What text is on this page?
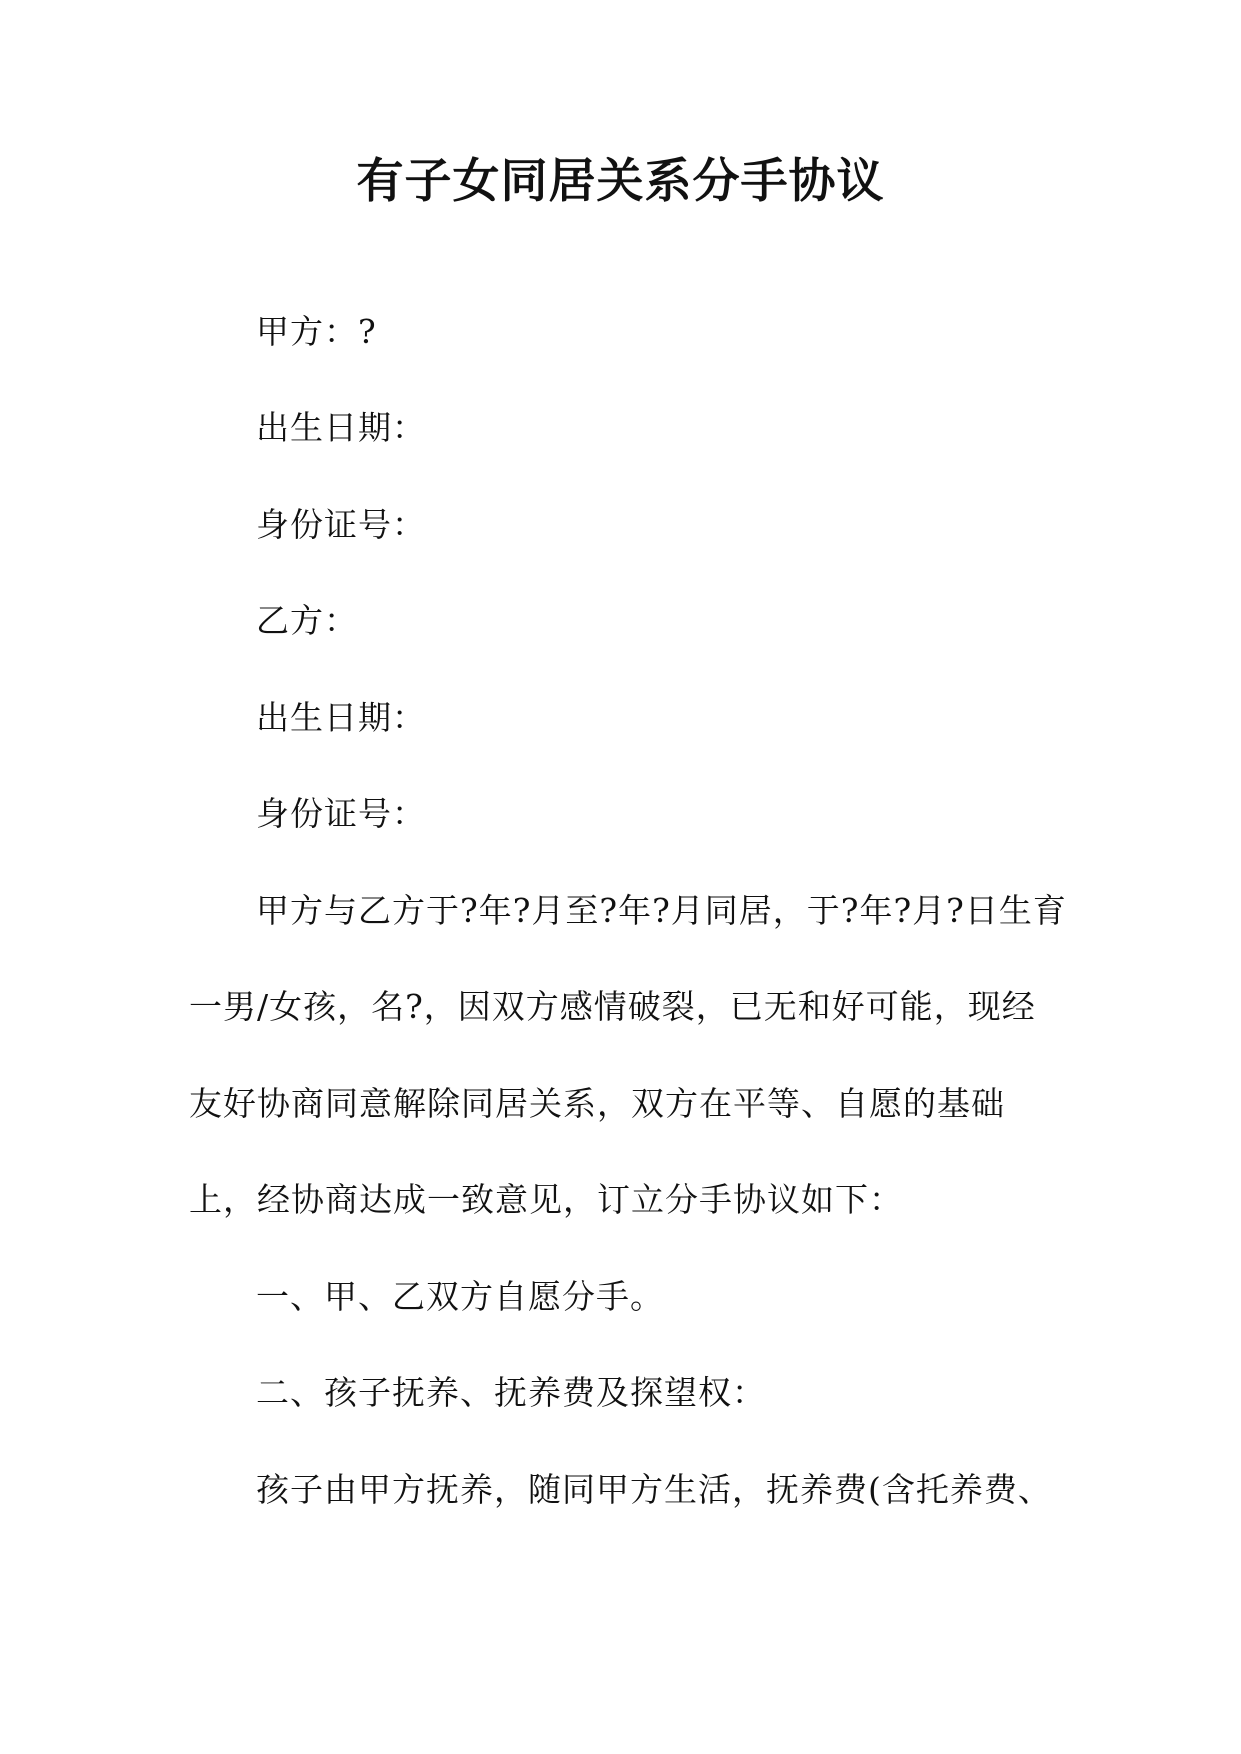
有子女同居关系分手协议
甲方：?
出生日期：
身份证号：
乙方：
出生日期：
身份证号：
甲方与乙方于?年?月至?年?月同居，于?年?月?日生育
一男/女孩，名?，因双方感情破裂，已无和好可能，现经
友好协商同意解除同居关系，双方在平等、自愿的基础
上，经协商达成一致意见，订立分手协议如下：
一、甲、乙双方自愿分手。
二、孩子抚养、抚养费及探望权：
孩子由甲方抚养，随同甲方生活，抚养费(含托养费、
